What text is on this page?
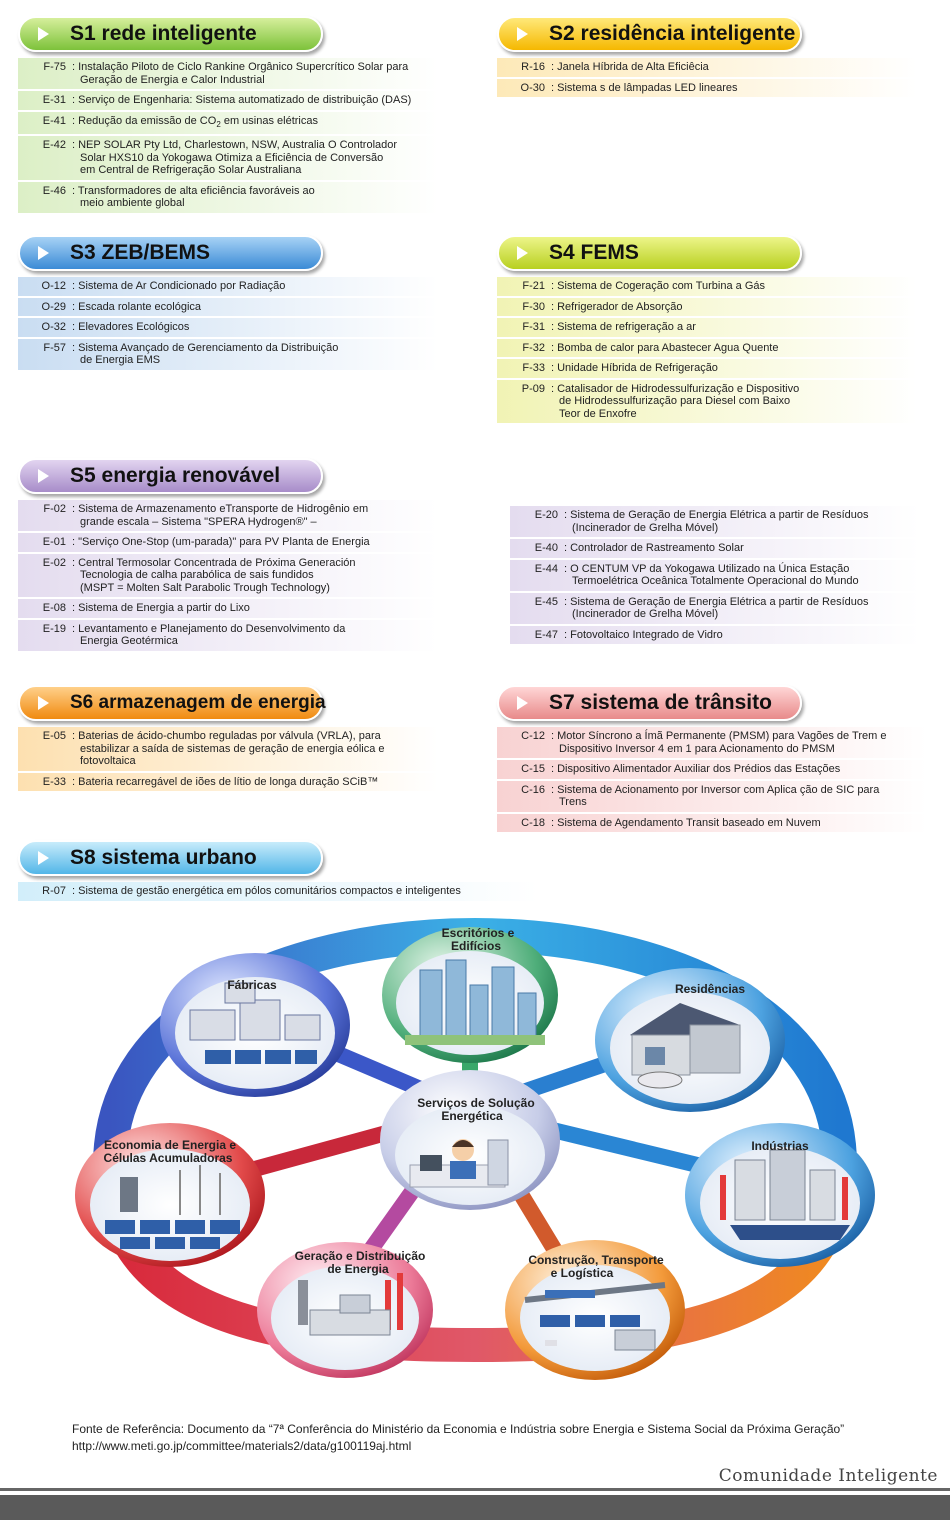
S1 rede inteligente
F-75 : Instalação Piloto de Ciclo Rankine Orgânico Supercrítico Solar para
Geração de Energia e Calor Industrial
E-31 : Serviço de Engenharia: Sistema automatizado de distribuição (DAS)
E-41 : Redução da emissão de $CO_2$ em usinas elétricas
E-42 : NEP SOLAR Pty Ltd, Charlestown, NSW, Australia O Controlador
Solar HXS10 da Yokogawa Otimiza a Eficiência de Conversão
em Central de Refrigeração Solar Australiana
E-46 : Transformadores de alta eficiência favoráveis ao
meio ambiente global
S2 residência inteligente
R-16 : Janela Híbrida de Alta Eficiêcia
O-30 : Sistema s de lâmpadas LED lineares
S3 ZEB/BEMS
O-12 : Sistema de Ar Condicionado por Radiação
O-29 : Escada rolante ecológica
O-32 : Elevadores Ecológicos
F-57 : Sistema Avançado de Gerenciamento da Distribuição
de Energia EMS
S4 FEMS
F-21 : Sistema de Cogeração com Turbina a Gás
F-30 : Refrigerador de Absorção
F-31 : Sistema de refrigeração a ar
F-32 : Bomba de calor para Abastecer Agua Quente
F-33 : Unidade Híbrida de Refrigeração
P-09 : Catalisador de Hidrodessulfurização e Dispositivo
de Hidrodessulfurização para Diesel com Baixo
Teor de Enxofre
S5 energia renovável
F-02 : Sistema de Armazenamento eTransporte de Hidrogênio em
grande escala – Sistema "SPERA Hydrogen®" –
E-01 : "Serviço One-Stop (um-parada)" para PV Planta de Energia
E-02 : Central Termosolar Concentrada de Próxima Generación
Tecnologia de calha parabólica de sais fundidos
(MSPT = Molten Salt Parabolic Trough Technology)
E-08 : Sistema de Energia a partir do Lixo
E-19 : Levantamento e Planejamento do Desenvolvimento da
Energia Geotérmica
E-20 : Sistema de Geração de Energia Elétrica a partir de Resíduos
(Incinerador de Grelha Móvel)
E-40 : Controlador de Rastreamento Solar
E-44 : O CENTUM VP da Yokogawa Utilizado na Única Estação
Termoelétrica Oceânica Totalmente Operacional do Mundo
E-45 : Sistema de Geração de Energia Elétrica a partir de Resíduos
(Incinerador de Grelha Móvel)
E-47 : Fotovoltaico Integrado de Vidro
S6 armazenagem de energia
E-05 : Baterias de ácido-chumbo reguladas por válvula (VRLA), para
estabilizar a saída de sistemas de geração de energia eólica e
fotovoltaica
E-33 : Bateria recarregável de iões de lítio de longa duração SCiB™
S7 sistema de trânsito
C-12 : Motor Síncrono a Ímã Permanente (PMSM) para Vagões de Trem e
Dispositivo Inversor 4 em 1 para Acionamento do PMSM
C-15 : Dispositivo Alimentador Auxiliar dos Prédios das Estações
C-16 : Sistema de Acionamento por Inversor com Aplica ção de SIC para
Trens
C-18 : Sistema de Agendamento Transit baseado em Nuvem
S8 sistema urbano
R-07 : Sistema de gestão energética em pólos comunitários compactos e inteligentes
Escritórios e
Edifícios
Fábricas	Residências
Indústrias
Serviços de Solução
Energética
Economia de Energia e
Células Acumuladoras
Geração e Distribuição
de Energia
Construção, Transporte
e Logística
Fonte de Referência: Documento da “7ª Conferência do Ministério da Economia e Indústria sobre Energia e Sistema Social da Próxima Geração”
http://www.meti.go.jp/committee/materials2/data/g100119aj.html
Comunidade Inteligente
